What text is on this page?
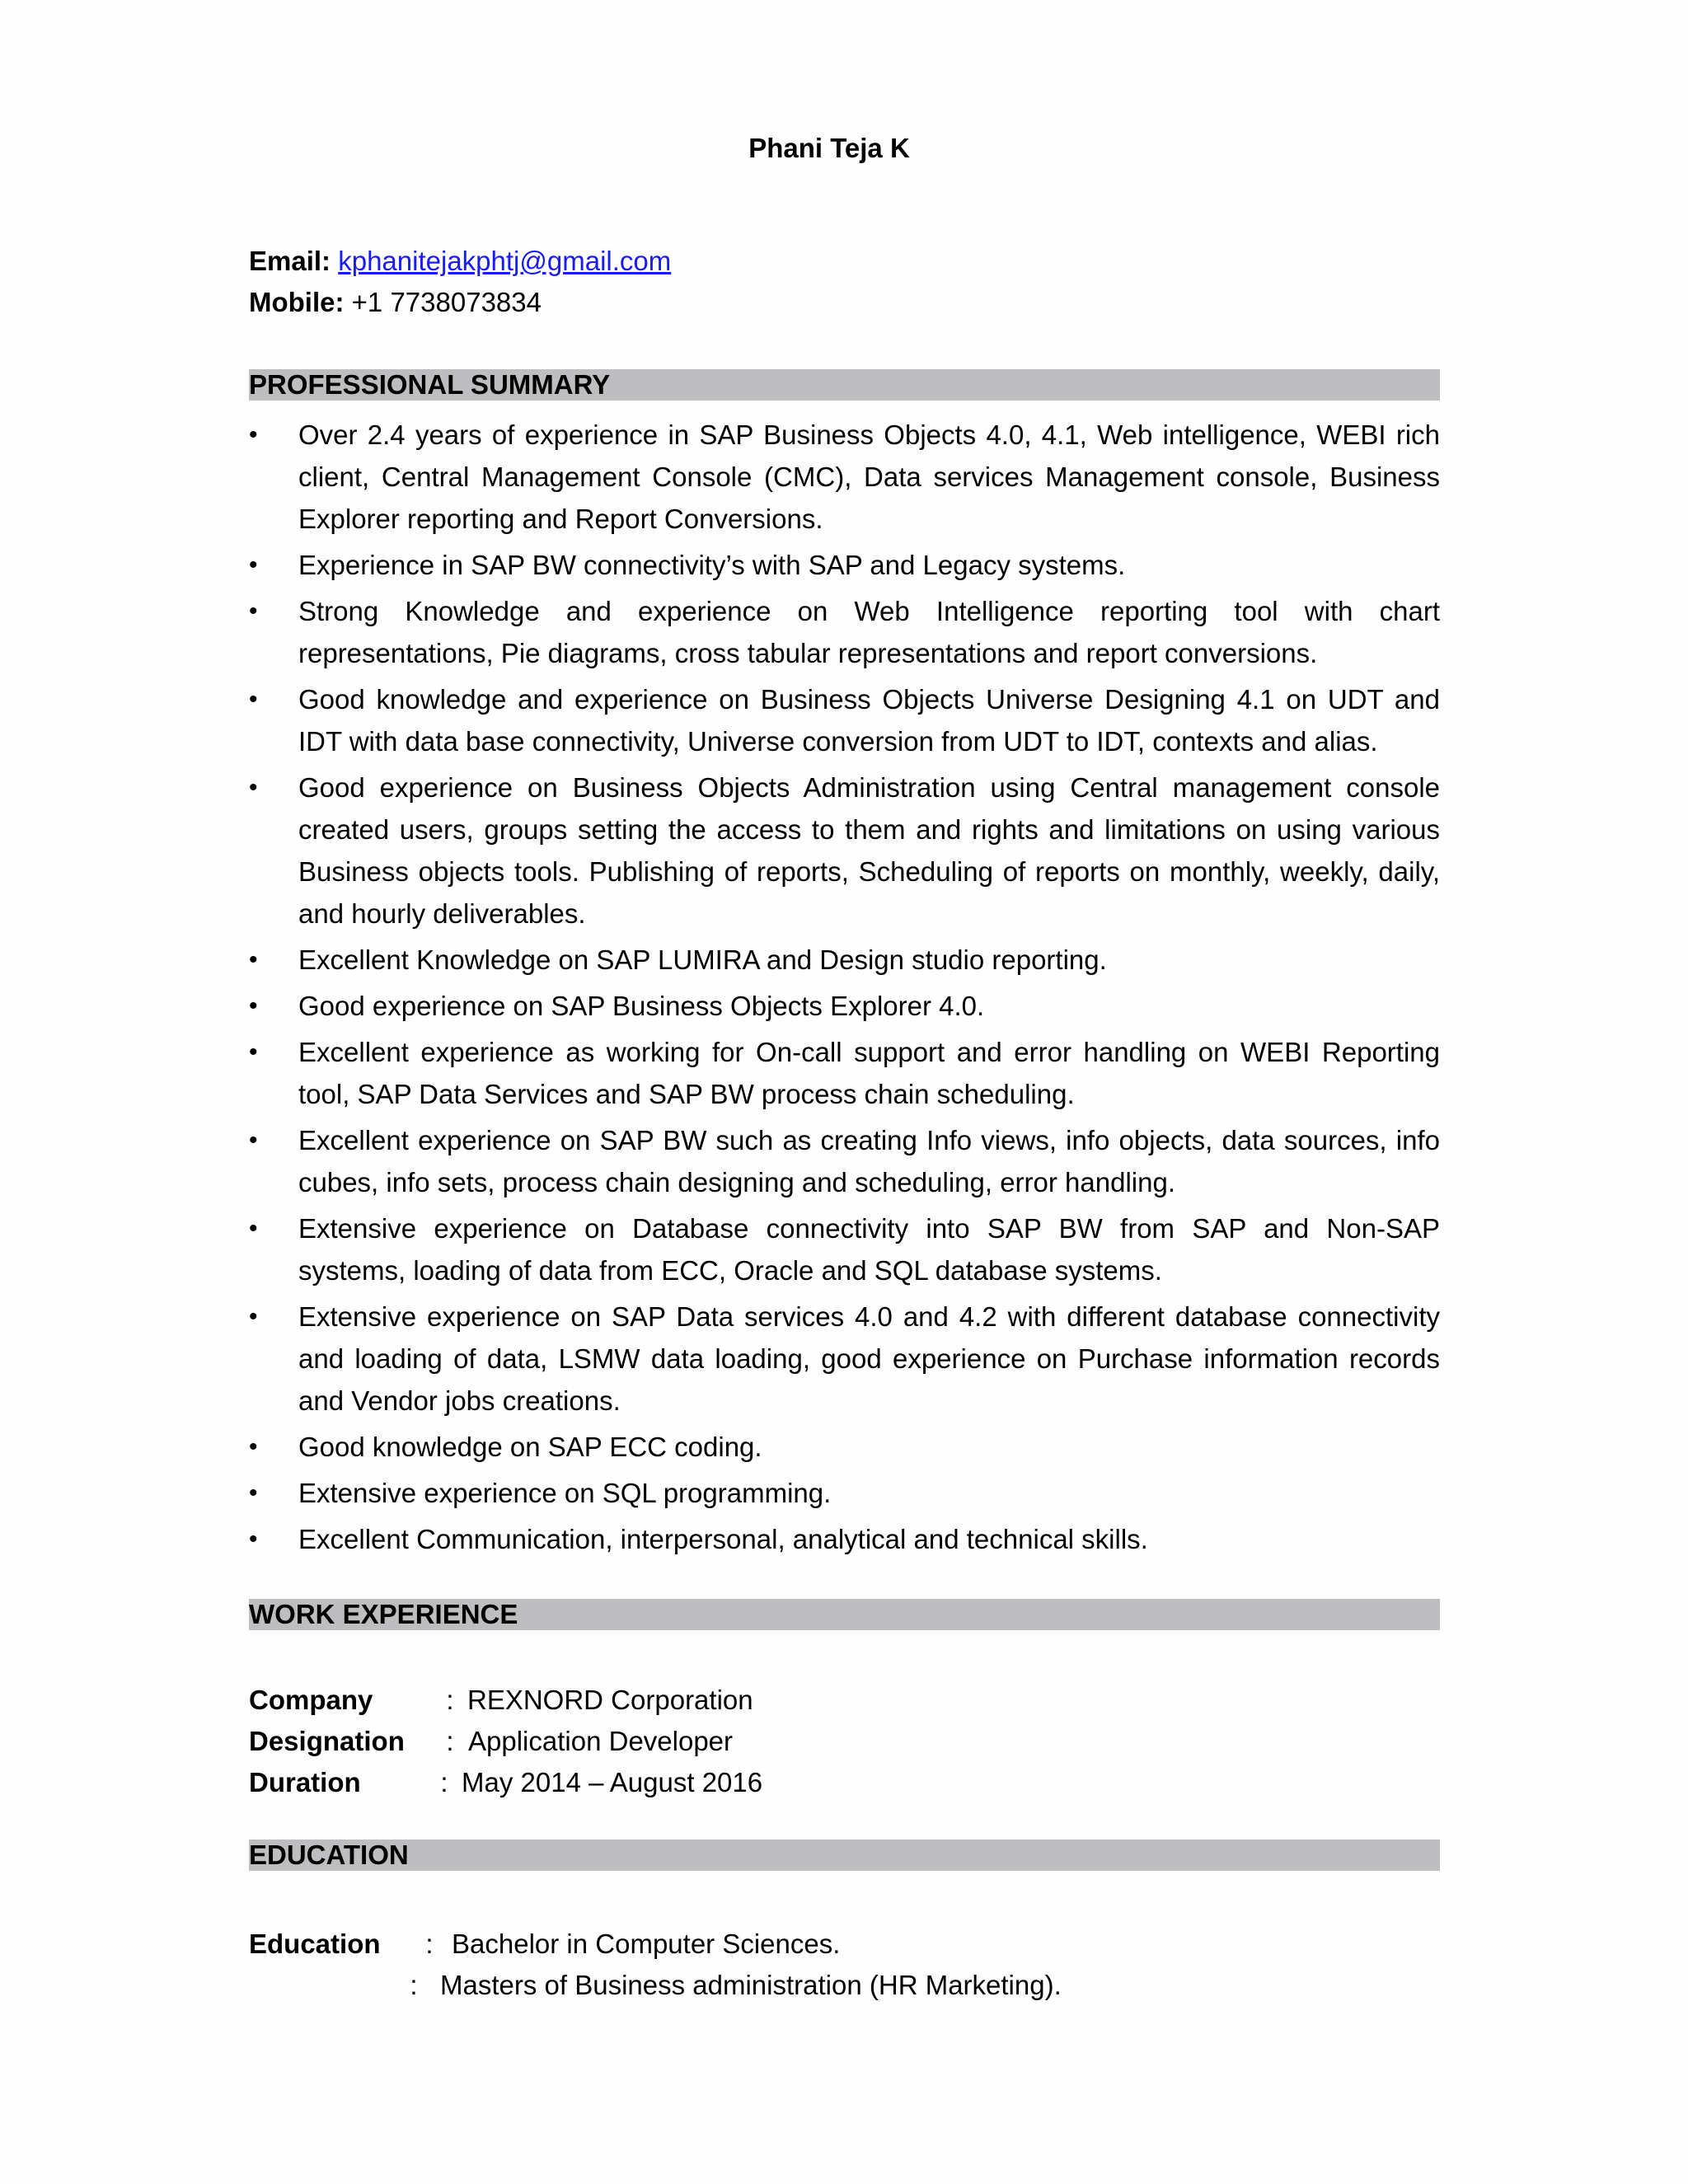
Phani Teja K
Email: kphanitejakphtj@gmail.com
Mobile: +1 7738073834
PROFESSIONAL SUMMARY
• Over 2.4 years of experience in SAP Business Objects 4.0, 4.1, Web intelligence, WEBI rich client, Central Management Console (CMC), Data services Management console, Business Explorer reporting and Report Conversions.
• Experience in SAP BW connectivity’s with SAP and Legacy systems.
• Strong Knowledge and experience on Web Intelligence reporting tool with chart representations, Pie diagrams, cross tabular representations and report conversions.
• Good knowledge and experience on Business Objects Universe Designing 4.1 on UDT and IDT with data base connectivity, Universe conversion from UDT to IDT, contexts and alias.
• Good experience on Business Objects Administration using Central management console created users, groups setting the access to them and rights and limitations on using various Business objects tools. Publishing of reports, Scheduling of reports on monthly, weekly, daily, and hourly deliverables.
• Excellent Knowledge on SAP LUMIRA and Design studio reporting.
• Good experience on SAP Business Objects Explorer 4.0.
• Excellent experience as working for On-call support and error handling on WEBI Reporting tool, SAP Data Services and SAP BW process chain scheduling.
• Excellent experience on SAP BW such as creating Info views, info objects, data sources, info cubes, info sets, process chain designing and scheduling, error handling.
• Extensive experience on Database connectivity into SAP BW from SAP and Non-SAP systems, loading of data from ECC, Oracle and SQL database systems.
• Extensive experience on SAP Data services 4.0 and 4.2 with different database connectivity and loading of data, LSMW data loading, good experience on Purchase information records and Vendor jobs creations.
• Good knowledge on SAP ECC coding.
• Extensive experience on SQL programming.
• Excellent Communication, interpersonal, analytical and technical skills.
WORK EXPERIENCE
Company	: REXNORD Corporation
Designation : Application Developer
Duration	: May 2014 – August 2016
EDUCATION
Education : Bachelor in Computer Sciences.
: Masters of Business administration (HR Marketing).
